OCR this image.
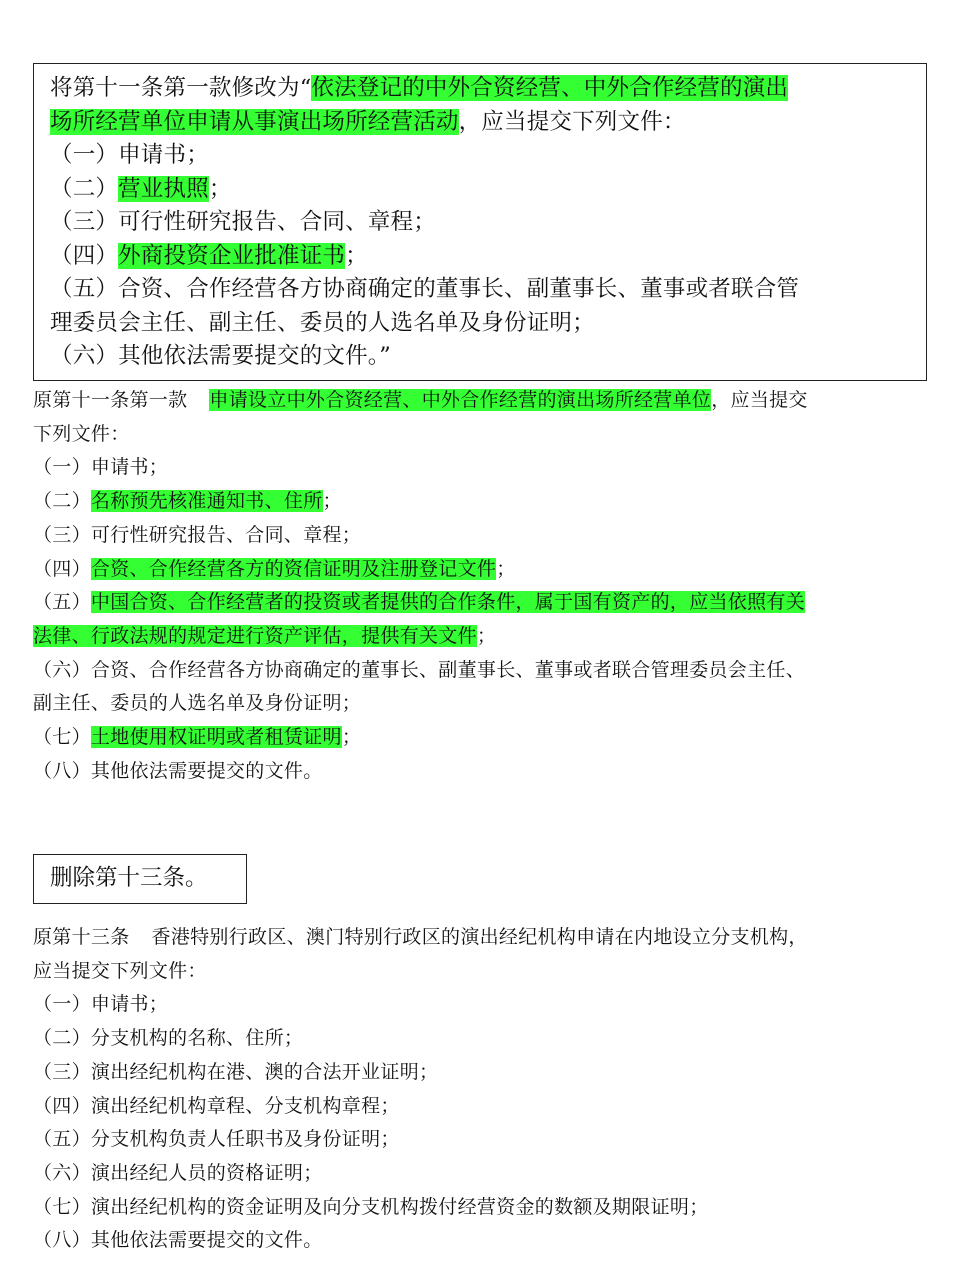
将第十一条第一款修改为“依法登记的中外合资经营、中外合作经营的演出
场所经营单位申请从事演出场所经营活动，应当提交下列文件：
（一）申请书；
（二）营业执照；
（三）可行性研究报告、合同、章程；
（四）外商投资企业批准证书；
（五）合资、合作经营各方协商确定的董事长、副董事长、董事或者联合管
理委员会主任、副主任、委员的人选名单及身份证明；
（六）其他依法需要提交的文件。”
原第十一条第一款 申请设立中外合资经营、中外合作经营的演出场所经营单位，应当提交
下列文件：
（一）申请书；
（二）名称预先核准通知书、住所；
（三）可行性研究报告、合同、章程；
（四）合资、合作经营各方的资信证明及注册登记文件；
（五）中国合资、合作经营者的投资或者提供的合作条件，属于国有资产的，应当依照有关
法律、行政法规的规定进行资产评估，提供有关文件；
（六）合资、合作经营各方协商确定的董事长、副董事长、董事或者联合管理委员会主任、
副主任、委员的人选名单及身份证明；
（七）土地使用权证明或者租赁证明；
（八）其他依法需要提交的文件。
删除第十三条。
原第十三条 香港特别行政区、澳门特别行政区的演出经纪机构申请在内地设立分支机构，
应当提交下列文件：
（一）申请书；
（二）分支机构的名称、住所；
（三）演出经纪机构在港、澳的合法开业证明；
（四）演出经纪机构章程、分支机构章程；
（五）分支机构负责人任职书及身份证明；
（六）演出经纪人员的资格证明；
（七）演出经纪机构的资金证明及向分支机构拨付经营资金的数额及期限证明；
（八）其他依法需要提交的文件。
